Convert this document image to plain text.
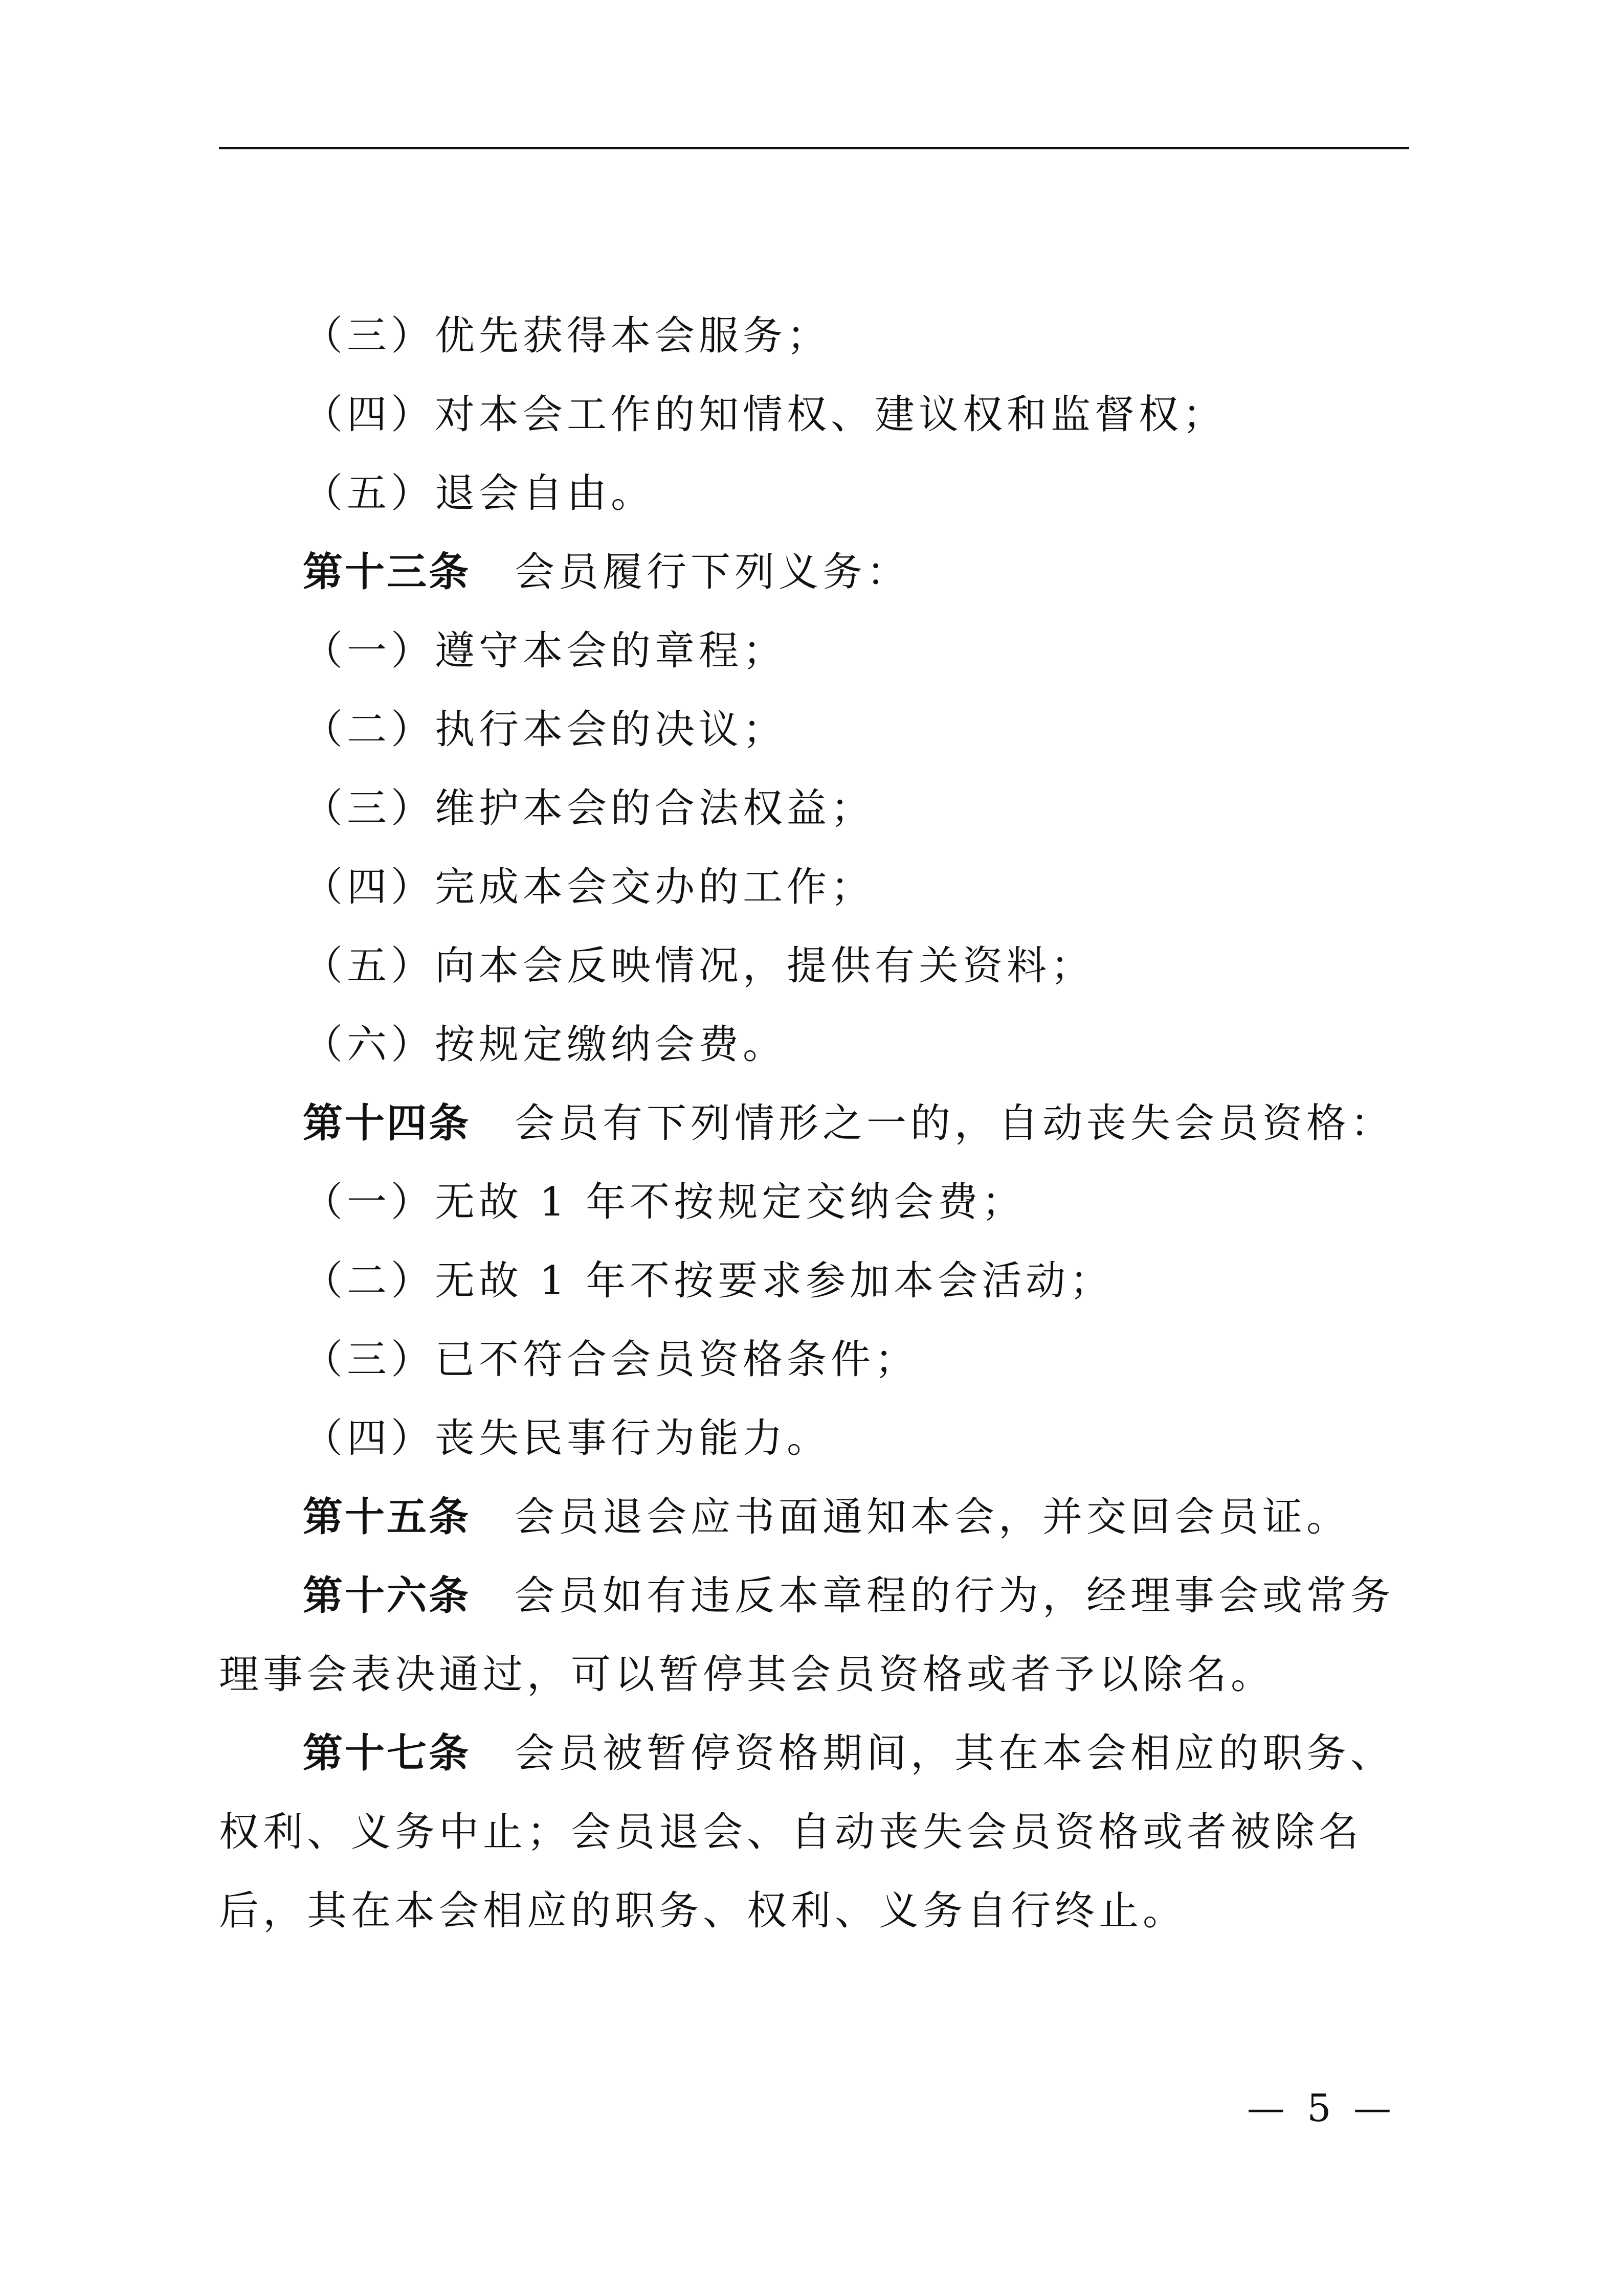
（三）优先获得本会服务；
（四）对本会工作的知情权、建议权和监督权；
（五）退会自由。
第十三条 会员履行下列义务：
（一）遵守本会的章程；
（二）执行本会的决议；
（三）维护本会的合法权益；
（四）完成本会交办的工作；
（五）向本会反映情况，提供有关资料；
（六）按规定缴纳会费。
第十四条 会员有下列情形之一的，自动丧失会员资格：
（一）无故 1 年不按规定交纳会费；
（二）无故 1 年不按要求参加本会活动；
（三）已不符合会员资格条件；
（四）丧失民事行为能力。
第十五条 会员退会应书面通知本会，并交回会员证。
第十六条 会员如有违反本章程的行为，经理事会或常务理事会表决通过，可以暂停其会员资格或者予以除名。
第十七条 会员被暂停资格期间，其在本会相应的职务、权利、义务中止；会员退会、自动丧失会员资格或者被除名后，其在本会相应的职务、权利、义务自行终止。
— 5 —
